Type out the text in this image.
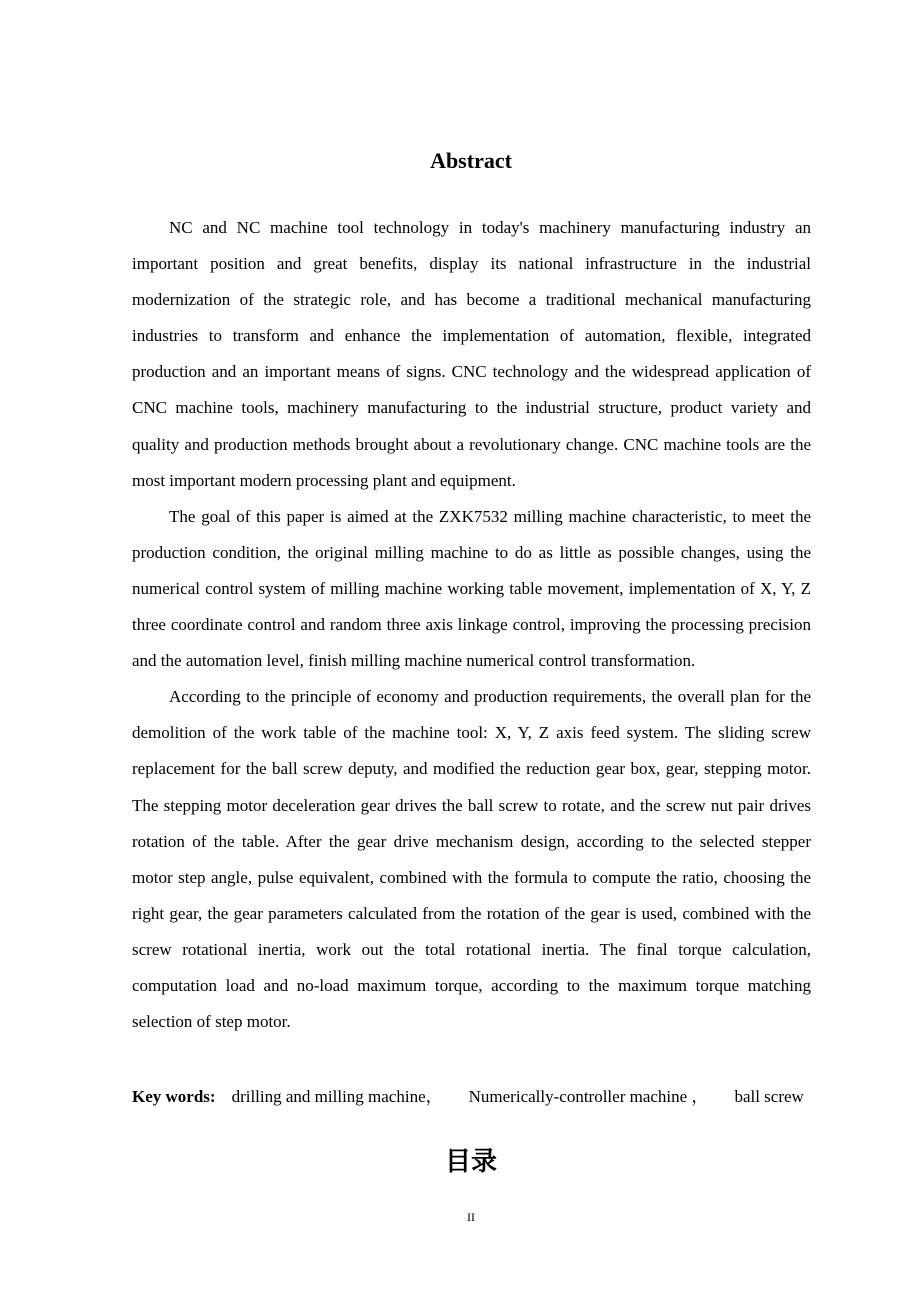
Abstract

NC and NC machine tool technology in today's machinery manufacturing industry an important position and great benefits, display its national infrastructure in the industrial modernization of the strategic role, and has become a traditional mechanical manufacturing industries to transform and enhance the implementation of automation, flexible, integrated production and an important means of signs. CNC technology and the widespread application of CNC machine tools, machinery manufacturing to the industrial structure, product variety and quality and production methods brought about a revolutionary change. CNC machine tools are the most important modern processing plant and equipment.

The goal of this paper is aimed at the ZXK7532 milling machine characteristic, to meet the production condition, the original milling machine to do as little as possible changes, using the numerical control system of milling machine working table movement, implementation of X, Y, Z three coordinate control and random three axis linkage control, improving the processing precision and the automation level, finish milling machine numerical control transformation.

According to the principle of economy and production requirements, the overall plan for the demolition of the work table of the machine tool: X, Y, Z axis feed system. The sliding screw replacement for the ball screw deputy, and modified the reduction gear box, gear, stepping motor. The stepping motor deceleration gear drives the ball screw to rotate, and the screw nut pair drives rotation of the table. After the gear drive mechanism design, according to the selected stepper motor step angle, pulse equivalent, combined with the formula to compute the ratio, choosing the right gear, the gear parameters calculated from the rotation of the gear is used, combined with the screw rotational inertia, work out the total rotational inertia. The final torque calculation, computation load and no-load maximum torque, according to the maximum torque matching selection of step motor.

Key words: drilling and milling machine， Numerically-controller machine ， ball screw

目录
II
